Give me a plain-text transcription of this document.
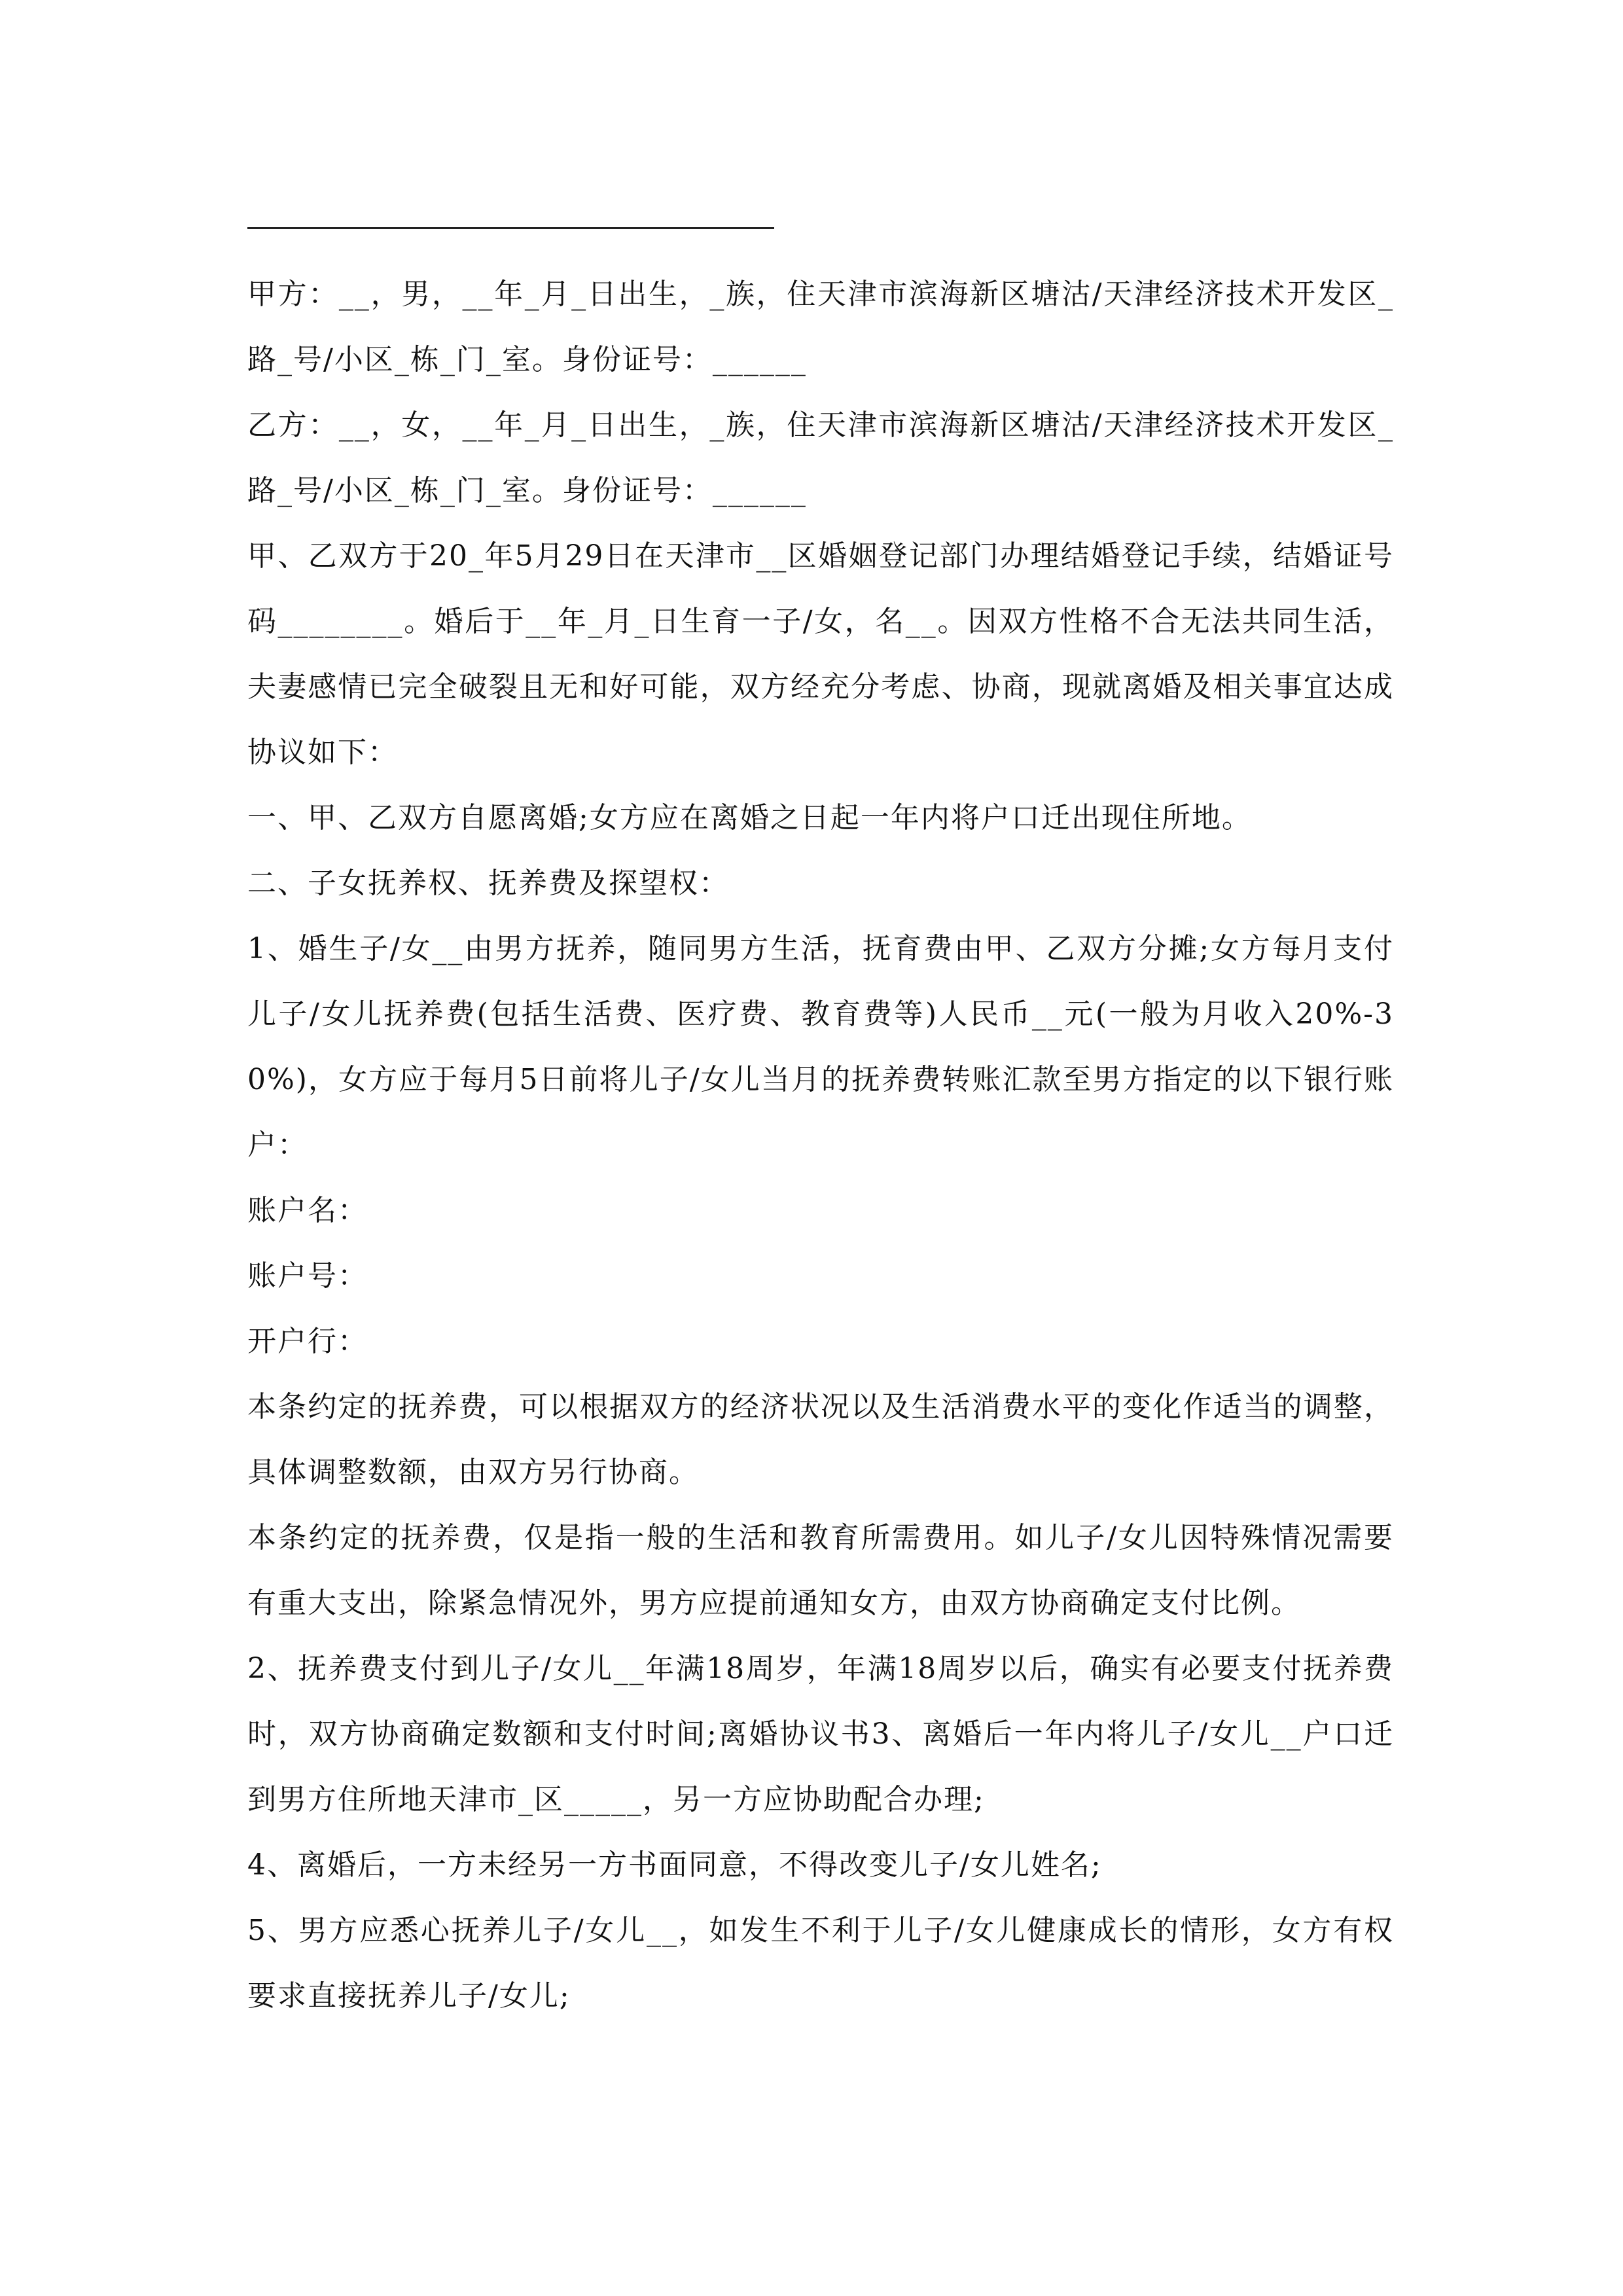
甲方：__，男，__年_月_日出生，_族，住天津市滨海新区塘沽/天津经济技术开发区_路_号/小区_栋_门_室。身份证号：______

乙方：__，女，__年_月_日出生，_族，住天津市滨海新区塘沽/天津经济技术开发区_路_号/小区_栋_门_室。身份证号：______

甲、乙双方于20_年5月29日在天津市__区婚姻登记部门办理结婚登记手续，结婚证号码________。婚后于__年_月_日生育一子/女，名__。因双方性格不合无法共同生活，夫妻感情已完全破裂且无和好可能，双方经充分考虑、协商，现就离婚及相关事宜达成协议如下：

一、甲、乙双方自愿离婚;女方应在离婚之日起一年内将户口迁出现住所地。

二、子女抚养权、抚养费及探望权：

1、婚生子/女__由男方抚养，随同男方生活，抚育费由甲、乙双方分摊;女方每月支付儿子/女儿抚养费(包括生活费、医疗费、教育费等)人民币__元(一般为月收入20%-30%)，女方应于每月5日前将儿子/女儿当月的抚养费转账汇款至男方指定的以下银行账户：

账户名：

账户号：

开户行：

本条约定的抚养费，可以根据双方的经济状况以及生活消费水平的变化作适当的调整，具体调整数额，由双方另行协商。

本条约定的抚养费，仅是指一般的生活和教育所需费用。如儿子/女儿因特殊情况需要有重大支出，除紧急情况外，男方应提前通知女方，由双方协商确定支付比例。

2、抚养费支付到儿子/女儿__年满18周岁，年满18周岁以后，确实有必要支付抚养费时，双方协商确定数额和支付时间;离婚协议书3、离婚后一年内将儿子/女儿__户口迁到男方住所地天津市_区_____，另一方应协助配合办理;

4、离婚后，一方未经另一方书面同意，不得改变儿子/女儿姓名;

5、男方应悉心抚养儿子/女儿__，如发生不利于儿子/女儿健康成长的情形，女方有权要求直接抚养儿子/女儿;
